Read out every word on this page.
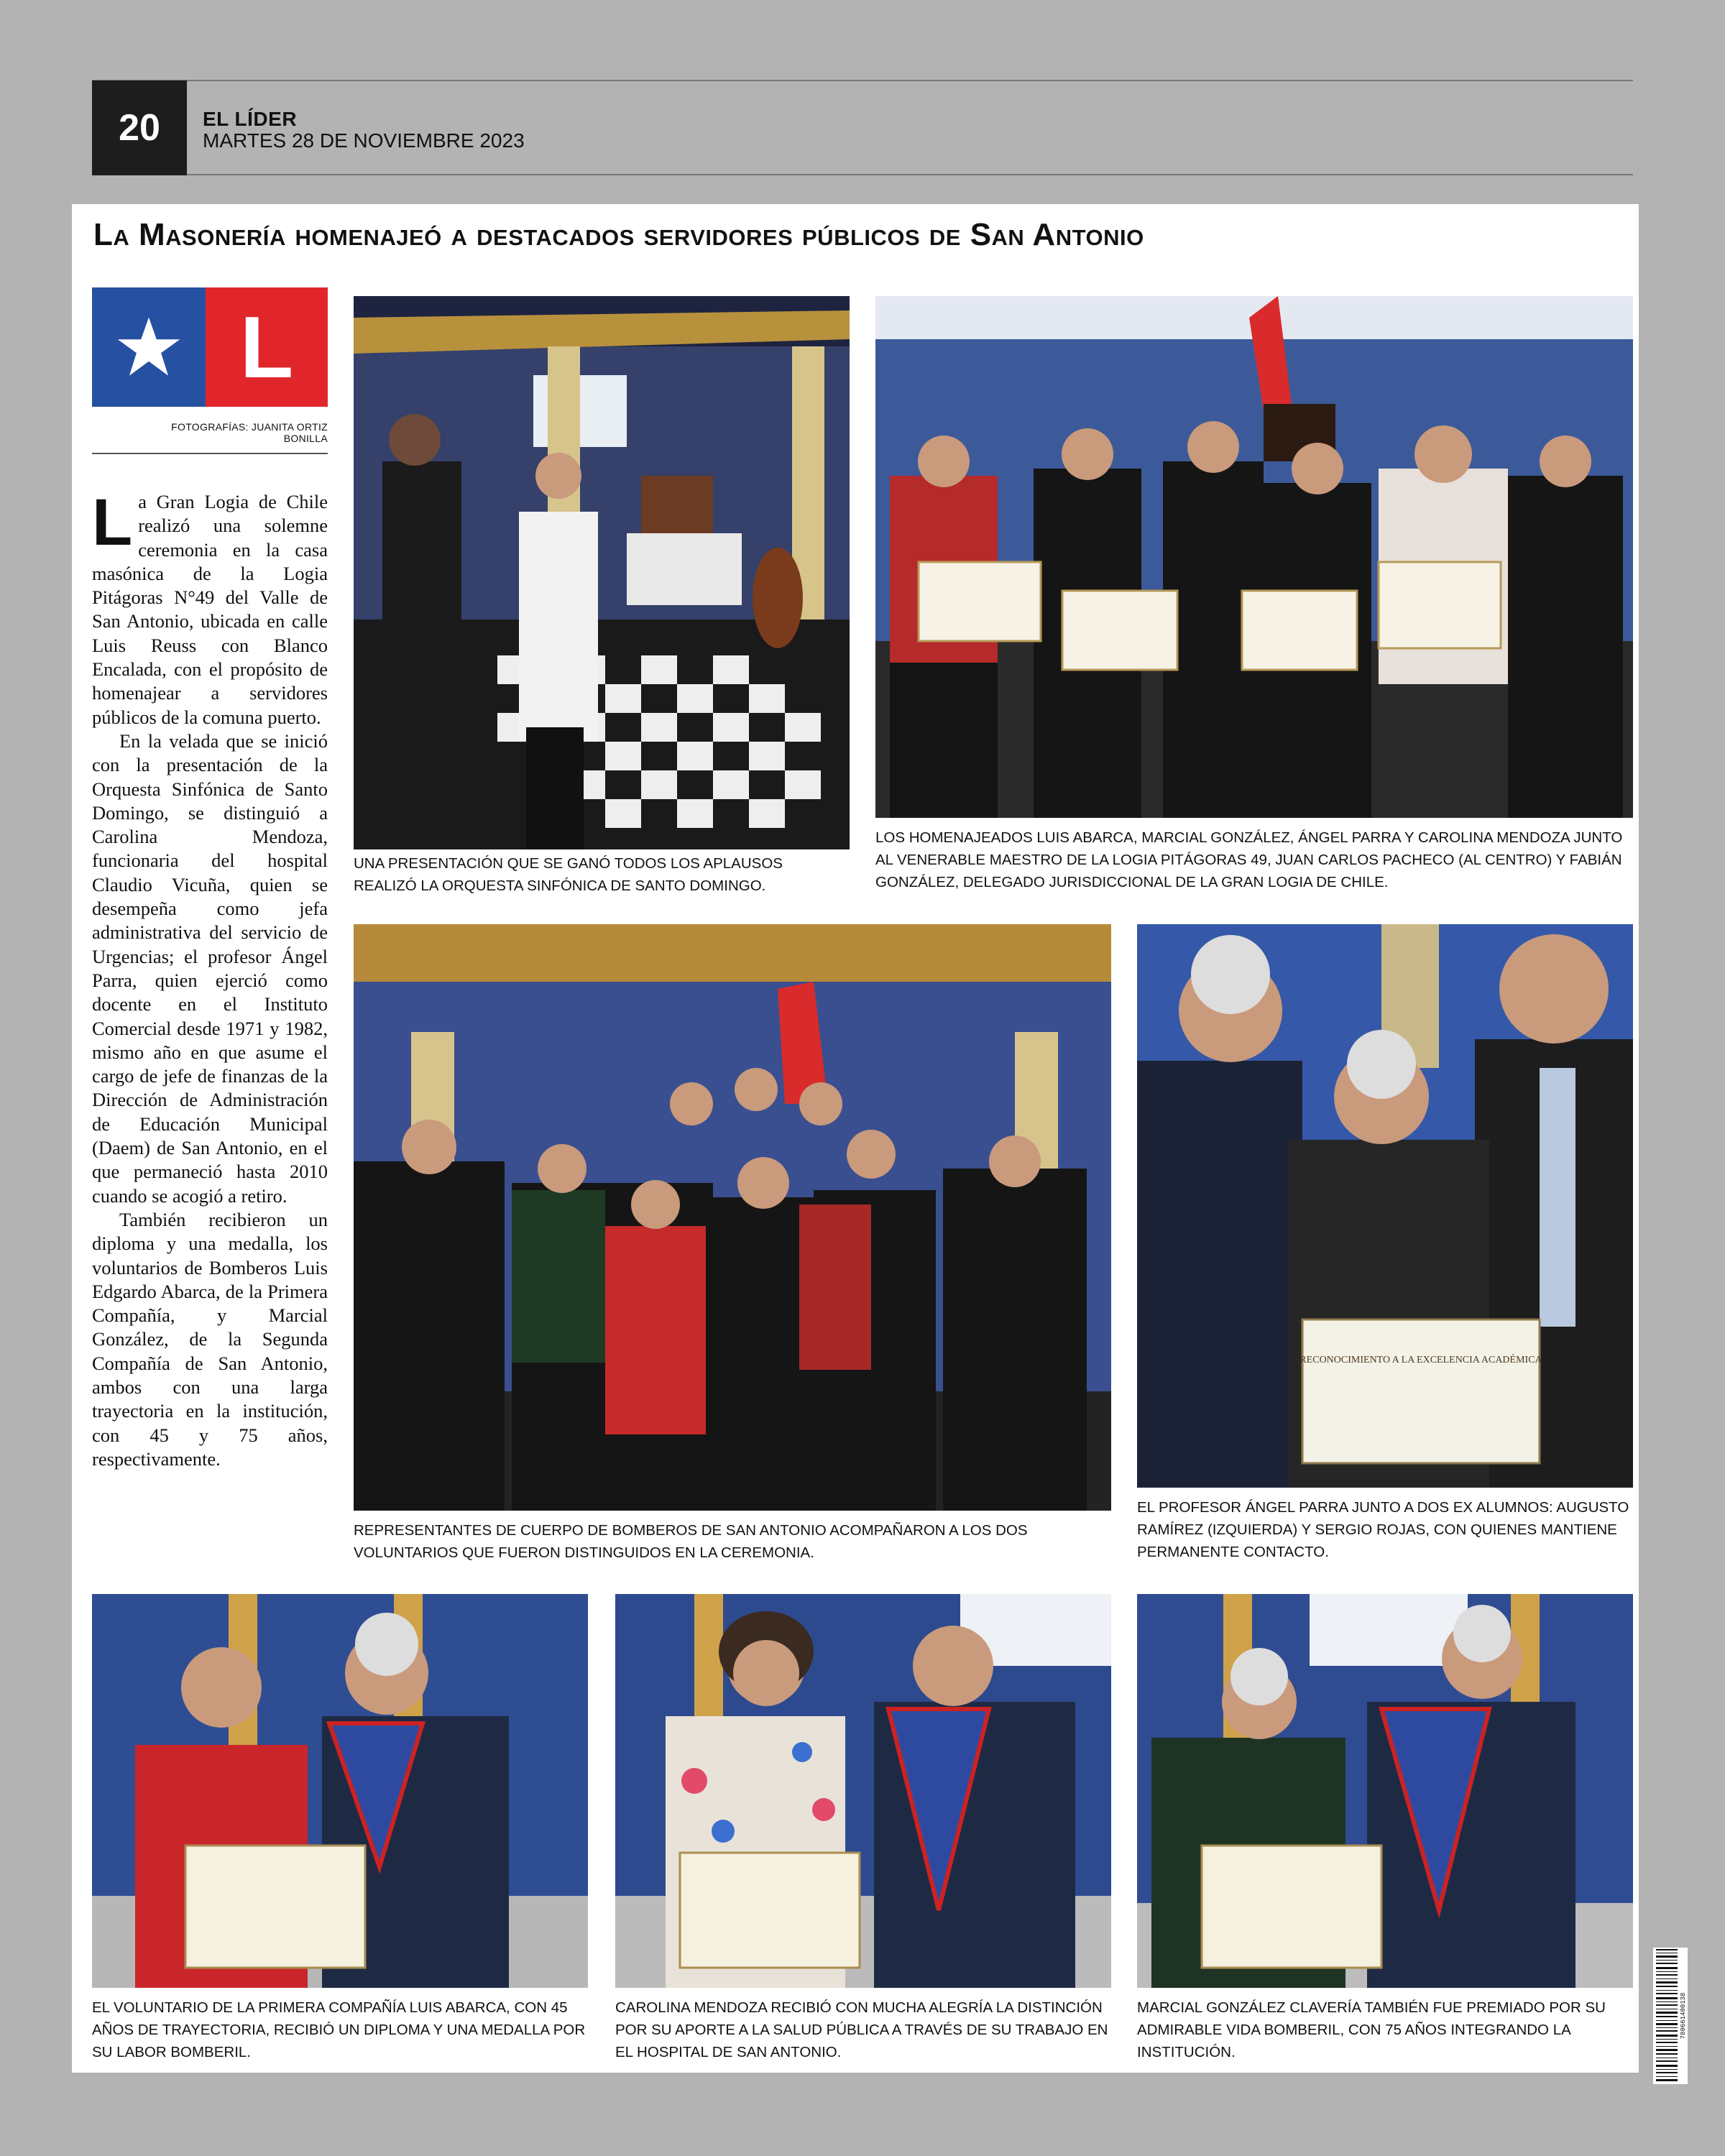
20	EL LÍDER
MARTES 28 DE NOVIEMBRE 2023
La Masonería homenajeó a destacados servidores públicos de San Antonio
L
FOTOGRAFÍAS: JUANITA ORTIZ BONILLA

La Gran Logia de Chile realizó una solemne ceremonia en la casa masónica de la Logia Pitágoras N°49 del Valle de San Antonio, ubicada en calle Luis Reuss con Blanco Encalada, con el propósito de homenajear a servidores públicos de la comuna puerto.

En la velada que se inició con la presentación de la Orquesta Sinfónica de Santo Domingo, se distinguió a Carolina Mendoza, funcionaria del hospital Claudio Vicuña, quien se desempeña como jefa administrativa del servicio de Urgencias; el profesor Ángel Parra, quien ejerció como docente en el Instituto Comercial desde 1971 y 1982, mismo año en que asume el cargo de jefe de finanzas de la Dirección de Administración de Educación Municipal (Daem) de San Antonio, en el que permaneció hasta 2010 cuando se acogió a retiro.

También recibieron un diploma y una medalla, los voluntarios de Bomberos Luis Edgardo Abarca, de la Primera Compañía, y Marcial González, de la Segunda Compañía de San Antonio, ambos con una larga trayectoria en la institución, con 45 y 75 años, respectivamente.

UNA PRESENTACIÓN QUE SE GANÓ TODOS LOS APLAUSOS REALIZÓ LA ORQUESTA SINFÓNICA DE SANTO DOMINGO.
LOS HOMENAJEADOS LUIS ABARCA, MARCIAL GONZÁLEZ, ÁNGEL PARRA Y CAROLINA MENDOZA JUNTO AL VENERABLE MAESTRO DE LA LOGIA PITÁGORAS 49, JUAN CARLOS PACHECO (AL CENTRO) Y FABIÁN GONZÁLEZ, DELEGADO JURISDICCIONAL DE LA GRAN LOGIA DE CHILE.
REPRESENTANTES DE CUERPO DE BOMBEROS DE SAN ANTONIO ACOMPAÑARON A LOS DOS VOLUNTARIOS QUE FUERON DISTINGUIDOS EN LA CEREMONIA.
RECONOCIMIENTO A LA EXCELENCIA ACADÉMICA
EL PROFESOR ÁNGEL PARRA JUNTO A DOS EX ALUMNOS: AUGUSTO RAMÍREZ (IZQUIERDA) Y SERGIO ROJAS, CON QUIENES MANTIENE PERMANENTE CONTACTO.
EL VOLUNTARIO DE LA PRIMERA COMPAÑÍA LUIS ABARCA, CON 45 AÑOS DE TRAYECTORIA, RECIBIÓ UN DIPLOMA Y UNA MEDALLA POR SU LABOR BOMBERIL.
CAROLINA MENDOZA RECIBIÓ CON MUCHA ALEGRÍA LA DISTINCIÓN POR SU APORTE A LA SALUD PÚBLICA A TRAVÉS DE SU TRABAJO EN EL HOSPITAL DE SAN ANTONIO.
MARCIAL GONZÁLEZ CLAVERÍA TAMBIÉN FUE PREMIADO POR SU ADMIRABLE VIDA BOMBERIL, CON 75 AÑOS INTEGRANDO LA INSTITUCIÓN.
780661400138
